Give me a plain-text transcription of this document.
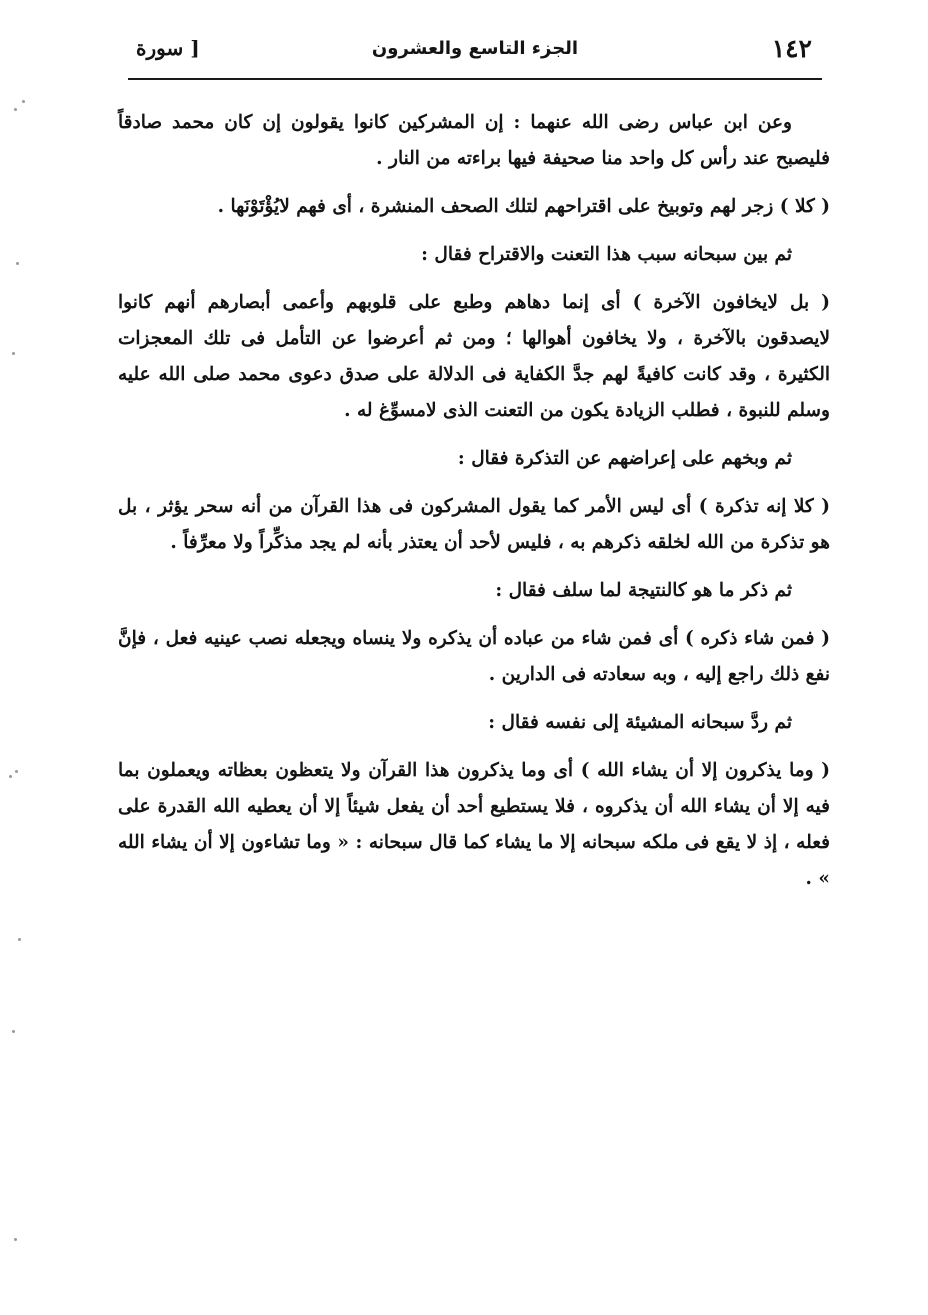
١٤٢
الجزء التاسع والعشرون
[ سورة

وعن ابن عباس رضى الله عنهما : إن المشركين كانوا يقولون إن كان محمد صادقاً فليصبح عند رأس كل واحد منا صحيفة فيها براءته من النار .

( كلا ) زجر لهم وتوبيخ على اقتراحهم لتلك الصحف المنشرة ، أى فهم لايُؤْتَوْنَها .

ثم بين سبحانه سبب هذا التعنت والاقتراح فقال :

( بل لايخافون الآخرة ) أى إنما دهاهم وطبع على قلوبهم وأعمى أبصارهم أنهم كانوا لايصدقون بالآخرة ، ولا يخافون أهوالها ؛ ومن ثم أعرضوا عن التأمل فى تلك المعجزات الكثيرة ، وقد كانت كافيةً لهم جدَّ الكفاية فى الدلالة على صدق دعوى محمد صلى الله عليه وسلم للنبوة ، فطلب الزيادة يكون من التعنت الذى لامسوِّغ له .

ثم وبخهم على إعراضهم عن التذكرة فقال :

( كلا إنه تذكرة ) أى ليس الأمر كما يقول المشركون فى هذا القرآن من أنه سحر يؤثر ، بل هو تذكرة من الله لخلقه ذكرهم به ، فليس لأحد أن يعتذر بأنه لم يجد مذكِّراً ولا معرِّفاً .

ثم ذكر ما هو كالنتيجة لما سلف فقال :

( فمن شاء ذكره ) أى فمن شاء من عباده أن يذكره ولا ينساه ويجعله نصب عينيه فعل ، فإنَّ نفع ذلك راجع إليه ، وبه سعادته فى الدارين .

ثم ردَّ سبحانه المشيئة إلى نفسه فقال :

( وما يذكرون إلا أن يشاء الله ) أى وما يذكرون هذا القرآن ولا يتعظون بعظاته ويعملون بما فيه إلا أن يشاء الله أن يذكروه ، فلا يستطيع أحد أن يفعل شيئاً إلا أن يعطيه الله القدرة على فعله ، إذ لا يقع فى ملكه سبحانه إلا ما يشاء كما قال سبحانه : « وما تشاءون إلا أن يشاء الله » .
